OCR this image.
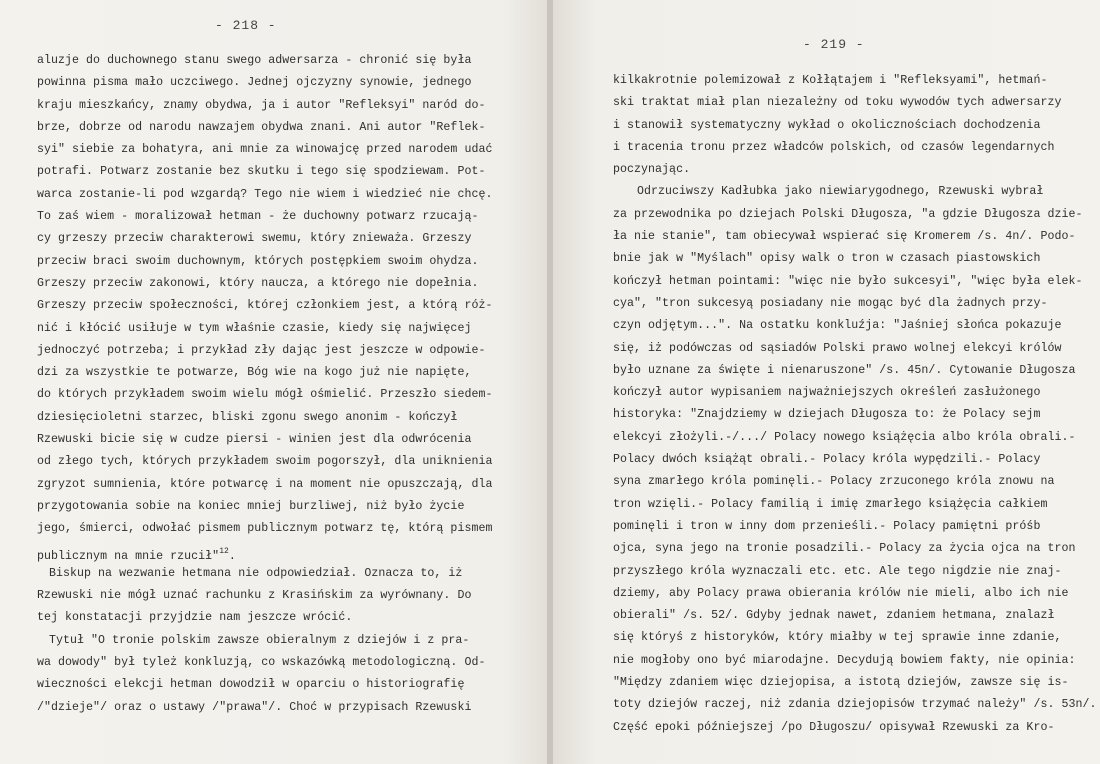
- 218 -
aluzje do duchownego stanu swego adwersarza - chronić się była
powinna pisma mało uczciwego. Jednej ojczyzny synowie, jednego
kraju mieszkańcy, znamy obydwa, ja i autor "Refleksyi" naród do-
brze, dobrze od narodu nawzajem obydwa znani. Ani autor "Reflek-
syi" siebie za bohatyra, ani mnie za winowajcę przed narodem udać
potrafi. Potwarz zostanie bez skutku i tego się spodziewam. Pot-
warca zostanie-li pod wzgardą? Tego nie wiem i wiedzieć nie chcę.
To zaś wiem - moralizował hetman - że duchowny potwarz rzucają-
cy grzeszy przeciw charakterowi swemu, który znieważa. Grzeszy
przeciw braci swoim duchownym, których postępkiem swoim ohydza.
Grzeszy przeciw zakonowi, który naucza, a którego nie dopełnia.
Grzeszy przeciw społeczności, której członkiem jest, a którą róż-
nić i kłócić usiłuje w tym właśnie czasie, kiedy się najwięcej
jednoczyć potrzeba; i przykład zły dając jest jeszcze w odpowie-
dzi za wszystkie te potwarze, Bóg wie na kogo już nie napięte,
do których przykładem swoim wielu mógł ośmielić. Przeszło siedem-
dziesięcioletni starzec, bliski zgonu swego anonim - kończył
Rzewuski bicie się w cudze piersi - winien jest dla odwrócenia
od złego tych, których przykładem swoim pogorszył, dla uniknienia
zgryzot sumnienia, które potwarcę i na moment nie opuszczają, dla
przygotowania sobie na koniec mniej burzliwej, niż było życie
jego, śmierci, odwołać pismem publicznym potwarz tę, którą pismem
publicznym na mnie rzucił"$^{12}$.
Biskup na wezwanie hetmana nie odpowiedział. Oznacza to, iż
Rzewuski nie mógł uznać rachunku z Krasińskim za wyrównany. Do
tej konstatacji przyjdzie nam jeszcze wrócić.
Tytuł "O tronie polskim zawsze obieralnym z dziejów i z pra-
wa dowody" był tyleż konkluzją, co wskazówką metodologiczną. Od-
wieczności elekcji hetman dowodził w oparciu o historiografię
/"dzieje"/ oraz o ustawy /"prawa"/. Choć w przypisach Rzewuski
- 219 -
kilkakrotnie polemizował z Kołłątajem i "Refleksyami", hetmań-
ski traktat miał plan niezależny od toku wywodów tych adwersarzy
i stanowił systematyczny wykład o okolicznościach dochodzenia
i tracenia tronu przez władców polskich, od czasów legendarnych
poczynając.
Odrzuciwszy Kadłubka jako niewiarygodnego, Rzewuski wybrał
za przewodnika po dziejach Polski Długosza, "a gdzie Długosza dzie-
ła nie stanie", tam obiecywał wspierać się Kromerem /s. 4n/. Podo-
bnie jak w "Myślach" opisy walk o tron w czasach piastowskich
kończył hetman pointami: "więc nie było sukcesyi", "więc była elek-
cya", "tron sukcesyą posiadany nie mogąc być dla żadnych przy-
czyn odjętym...". Na ostatku konkluźja: "Jaśniej słońca pokazuje
się, iż podówczas od sąsiadów Polski prawo wolnej elekcyi królów
było uznane za święte i nienaruszone" /s. 45n/. Cytowanie Długosza
kończył autor wypisaniem najważniejszych określeń zasłużonego
historyka: "Znajdziemy w dziejach Długosza to: że Polacy sejm
elekcyi złożyli.-/.../ Polacy nowego książęcia albo króla obrali.-
Polacy dwóch książąt obrali.- Polacy króla wypędzili.- Polacy
syna zmarłego króla pominęli.- Polacy zrzuconego króla znowu na
tron wzięli.- Polacy familią i imię zmarłego książęcia całkiem
pominęli i tron w inny dom przenieśli.- Polacy pamiętni próśb
ojca, syna jego na tronie posadzili.- Polacy za życia ojca na tron
przyszłego króla wyznaczali etc. etc. Ale tego nigdzie nie znaj-
dziemy, aby Polacy prawa obierania królów nie mieli, albo ich nie
obierali" /s. 52/. Gdyby jednak nawet, zdaniem hetmana, znalazł
się któryś z historyków, który miałby w tej sprawie inne zdanie,
nie mogłoby ono być miarodajne. Decydują bowiem fakty, nie opinia:
"Między zdaniem więc dziejopisa, a istotą dziejów, zawsze się is-
toty dziejów raczej, niż zdania dziejopisów trzymać należy" /s. 53n/.
Część epoki późniejszej /po Długoszu/ opisywał Rzewuski za Kro-
